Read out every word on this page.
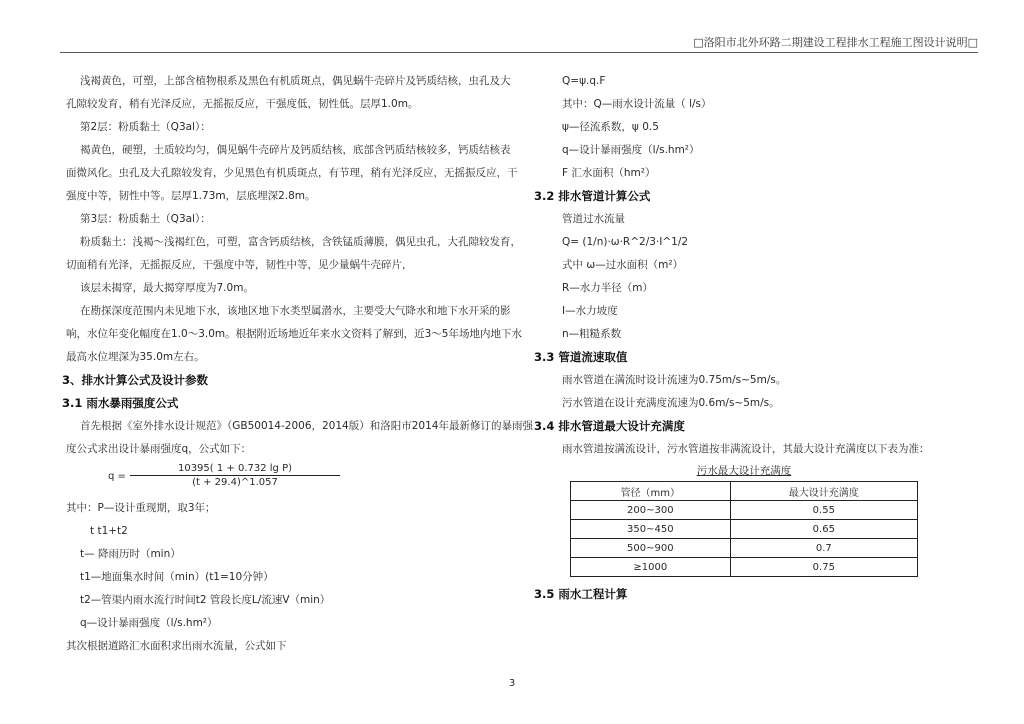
□洛阳市北外环路二期建设工程排水工程施工图设计说明□
浅褐黄色，可塑，上部含植物根系及黑色有机质斑点，偶见蜗牛壳碎片及钙质结核，虫孔及大
孔隙较发育，稍有光泽反应，无摇振反应，干强度低，韧性低。层厚1.0m。
第2层：粉质黏土（Q3al）：
褐黄色，硬塑，土质较均匀，偶见蜗牛壳碎片及钙质结核，底部含钙质结核较多，钙质结核表
面微风化。虫孔及大孔隙较发育，少见黑色有机质斑点，有节理，稍有光泽反应，无摇振反应，干
强度中等，韧性中等。层厚1.73m，层底埋深2.8m。
第3层：粉质黏土（Q3al）：
粉质黏土：浅褐～浅褐红色，可塑，富含钙质结核，含铁锰质薄膜，偶见虫孔，大孔隙较发育，
切面稍有光泽，无摇振反应，干强度中等，韧性中等，见少量蜗牛壳碎片，
该层未揭穿，最大揭穿厚度为7.0m。
在勘探深度范围内未见地下水，该地区地下水类型属潜水，主要受大气降水和地下水开采的影
响，水位年变化幅度在1.0～3.0m。根据附近场地近年来水文资料了解到，近3～5年场地内地下水
最高水位埋深为35.0m左右。
3、排水计算公式及设计参数
3.1 雨水暴雨强度公式
首先根据《室外排水设计规范》（GB50014-2006，2014版）和洛阳市2014年最新修订的暴雨强
度公式求出设计暴雨强度q，公式如下：
q =
10395( 1 + 0.732 lg P)
(t + 29.4)^1.057
其中：P—设计重现期，取3年；
t t1+t2
t— 降雨历时（min）
t1—地面集水时间（min）(t1=10分钟）
t2—管渠内雨水流行时间t2 管段长度L/流速V（min）
q—设计暴雨强度（l/s.hm²）
其次根据道路汇水面积求出雨水流量，公式如下
Q=ψ.q.F
其中：Q—雨水设计流量（ l/s）
ψ—径流系数，ψ 0.5
q—设计暴雨强度（l/s.hm²）
F 汇水面积（hm²）
3.2 排水管道计算公式
管道过水流量
Q= (1/n)·ω·R^2/3·I^1/2
式中 ω—过水面积（m²）
R—水力半径（m）
I—水力坡度
n—粗糙系数
3.3 管道流速取值
雨水管道在满流时设计流速为0.75m/s~5m/s。
污水管道在设计充满度流速为0.6m/s~5m/s。
3.4 排水管道最大设计充满度
雨水管道按满流设计，污水管道按非满流设计，其最大设计充满度以下表为准：
污水最大设计充满度
管径（mm）	最大设计充满度
200~300	0.55
350~450	0.65
500~900	0.7
≥1000	0.75
3.5 雨水工程计算
3
